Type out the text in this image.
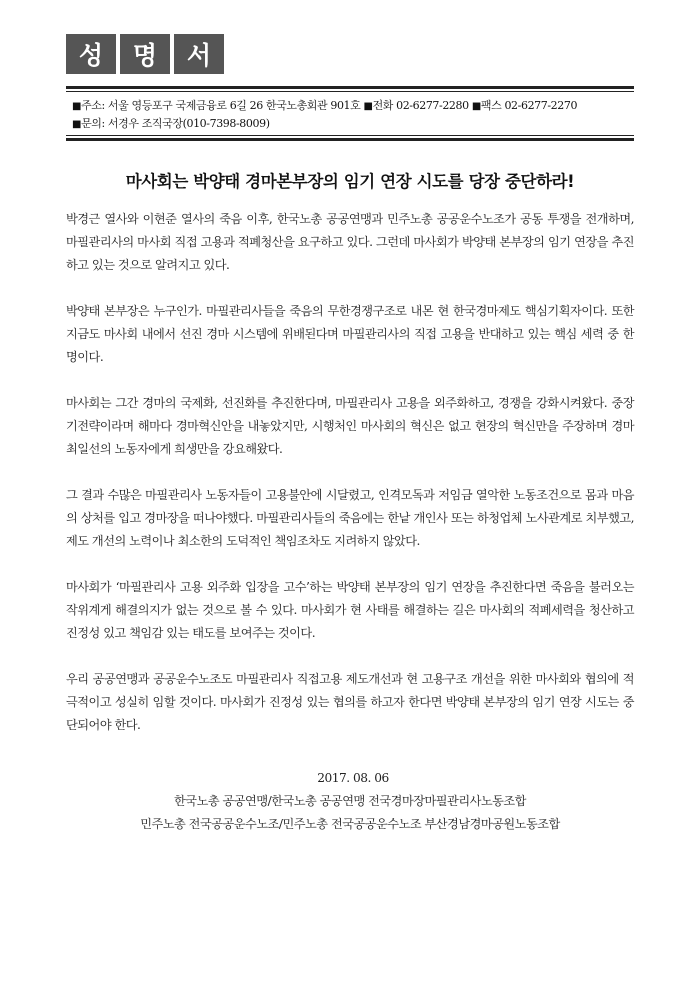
성	명	서
■주소: 서울 영등포구 국제금융로 6길 26 한국노총회관 901호 ■전화 02-6277-2280 ■팩스 02-6277-2270
■문의: 서경우 조직국장(010-7398-8009)
마사회는 박양태 경마본부장의 임기 연장 시도를 당장 중단하라!

박경근 열사와 이현준 열사의 죽음 이후, 한국노총 공공연맹과 민주노총 공공운수노조가 공동 투쟁을 전개하며, 마필관리사의 마사회 직접 고용과 적폐청산을 요구하고 있다. 그런데 마사회가 박양태 본부장의 임기 연장을 추진하고 있는 것으로 알려지고 있다.

박양태 본부장은 누구인가. 마필관리사들을 죽음의 무한경쟁구조로 내몬 현 한국경마제도 핵심기획자이다. 또한 지금도 마사회 내에서 선진 경마 시스템에 위배된다며 마필관리사의 직접 고용을 반대하고 있는 핵심 세력 중 한 명이다.

마사회는 그간 경마의 국제화, 선진화를 추진한다며, 마필관리사 고용을 외주화하고, 경쟁을 강화시켜왔다. 중장기전략이라며 해마다 경마혁신안을 내놓았지만, 시행처인 마사회의 혁신은 없고 현장의 혁신만을 주장하며 경마 최일선의 노동자에게 희생만을 강요해왔다.

그 결과 수많은 마필관리사 노동자들이 고용불안에 시달렸고, 인격모독과 저임금 열악한 노동조건으로 몸과 마음의 상처를 입고 경마장을 떠나야했다. 마필관리사들의 죽음에는 한낱 개인사 또는 하청업체 노사관계로 치부했고, 제도 개선의 노력이나 최소한의 도덕적인 책임조차도 지려하지 않았다.

마사회가 ‘마필관리사 고용 외주화 입장을 고수’하는 박양태 본부장의 임기 연장을 추진한다면 죽음을 불러오는 작위계게 해결의지가 없는 것으로 볼 수 있다. 마사회가 현 사태를 해결하는 길은 마사회의 적폐세력을 청산하고 진정성 있고 책임감 있는 태도를 보여주는 것이다.

우리 공공연맹과 공공운수노조도 마필관리사 직접고용 제도개선과 현 고용구조 개선을 위한 마사회와 협의에 적극적이고 성실히 임할 것이다. 마사회가 진정성 있는 협의를 하고자 한다면 박양태 본부장의 임기 연장 시도는 중단되어야 한다.

2017. 08. 06
한국노총 공공연맹/한국노총 공공연맹 전국경마장마필관리사노동조합
민주노총 전국공공운수노조/민주노총 전국공공운수노조 부산경남경마공원노동조합
